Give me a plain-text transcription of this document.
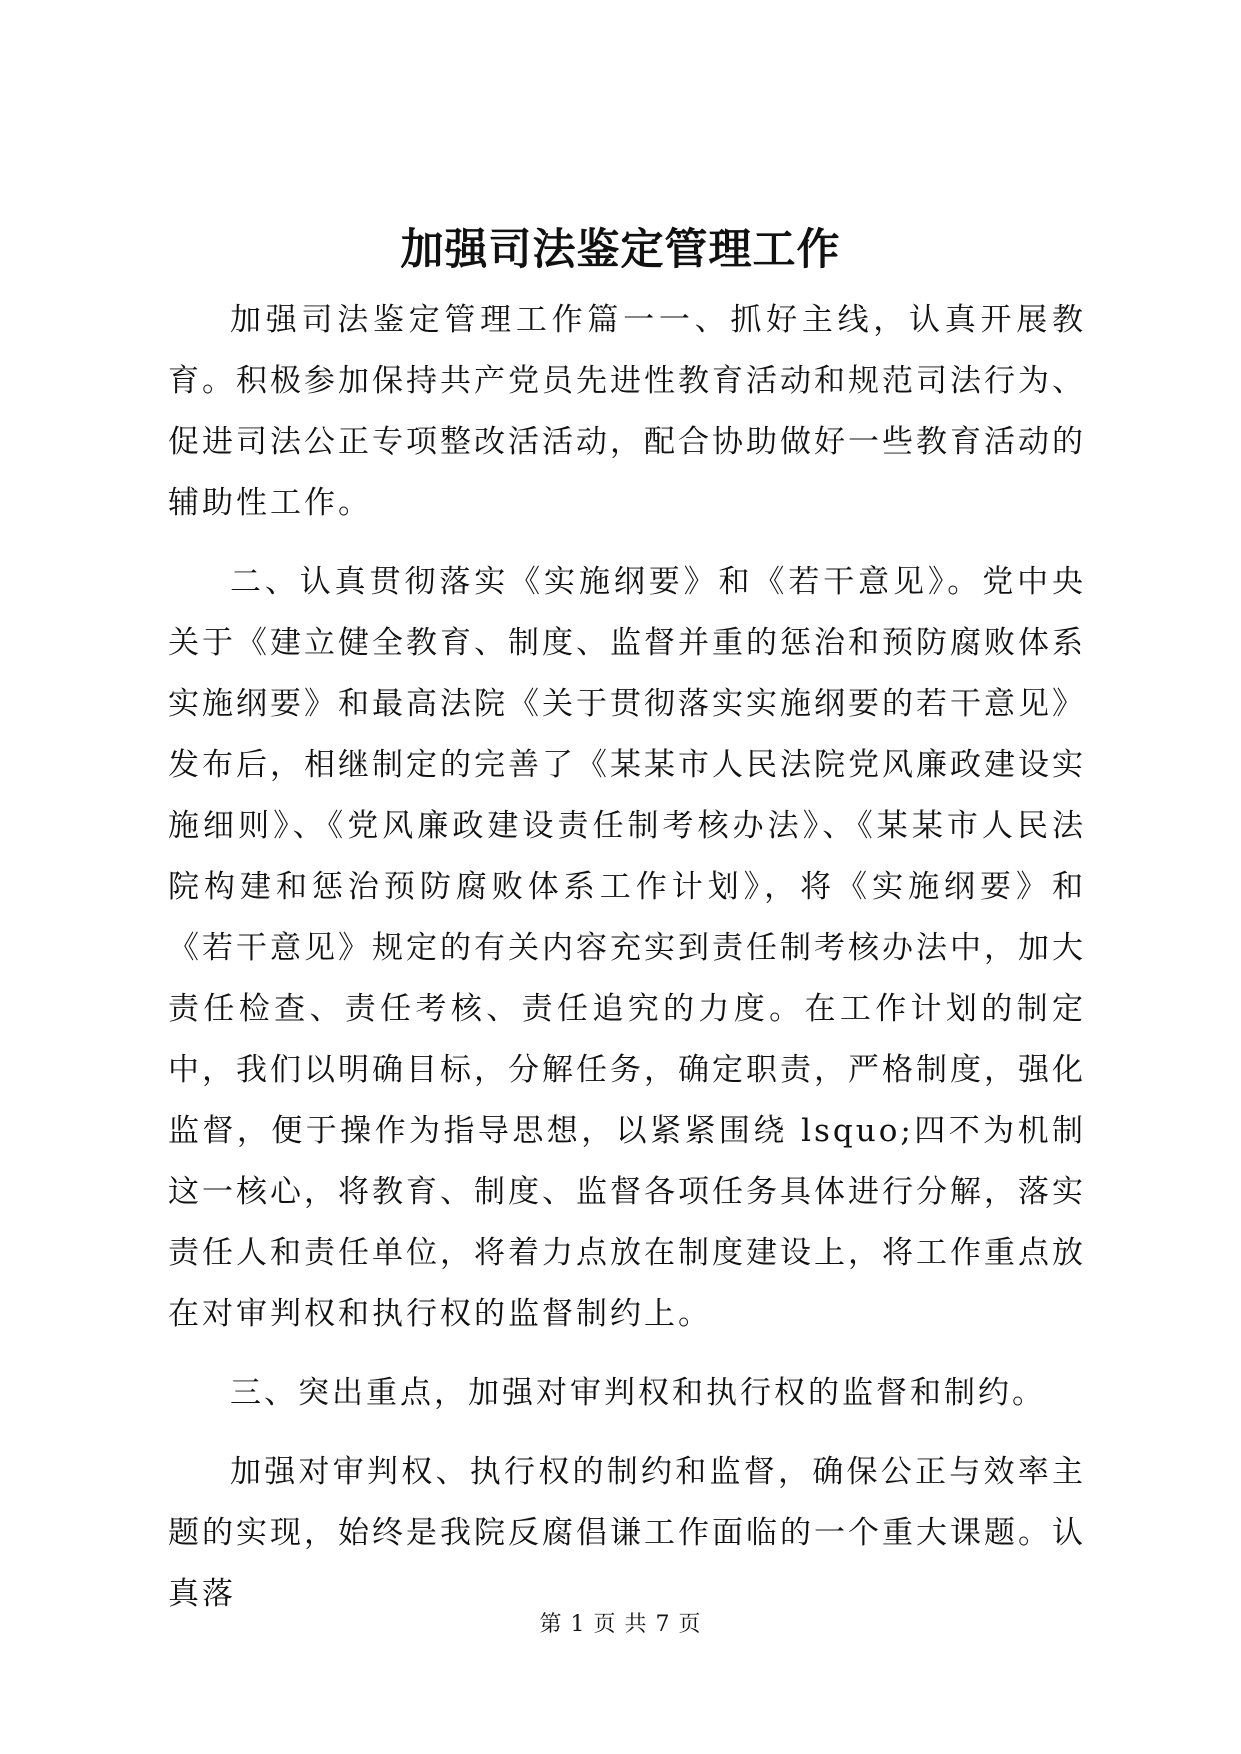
加强司法鉴定管理工作

加强司法鉴定管理工作篇一一、抓好主线，认真开展教育。积极参加保持共产党员先进性教育活动和规范司法行为、促进司法公正专项整改活活动，配合协助做好一些教育活动的辅助性工作。

二、认真贯彻落实《实施纲要》和《若干意见》。党中央关于《建立健全教育、制度、监督并重的惩治和预防腐败体系实施纲要》和最高法院《关于贯彻落实实施纲要的若干意见》发布后，相继制定的完善了《某某市人民法院党风廉政建设实施细则》、《党风廉政建设责任制考核办法》、《某某市人民法院构建和惩治预防腐败体系工作计划》，将《实施纲要》和《若干意见》规定的有关内容充实到责任制考核办法中，加大责任检查、责任考核、责任追究的力度。在工作计划的制定中，我们以明确目标，分解任务，确定职责，严格制度，强化监督，便于操作为指导思想，以紧紧围绕 lsquo;四不为机制这一核心，将教育、制度、监督各项任务具体进行分解，落实责任人和责任单位，将着力点放在制度建设上，将工作重点放在对审判权和执行权的监督制约上。

三、突出重点，加强对审判权和执行权的监督和制约。

加强对审判权、执行权的制约和监督，确保公正与效率主题的实现，始终是我院反腐倡谦工作面临的一个重大课题。认真落

第 1 页 共 7 页
